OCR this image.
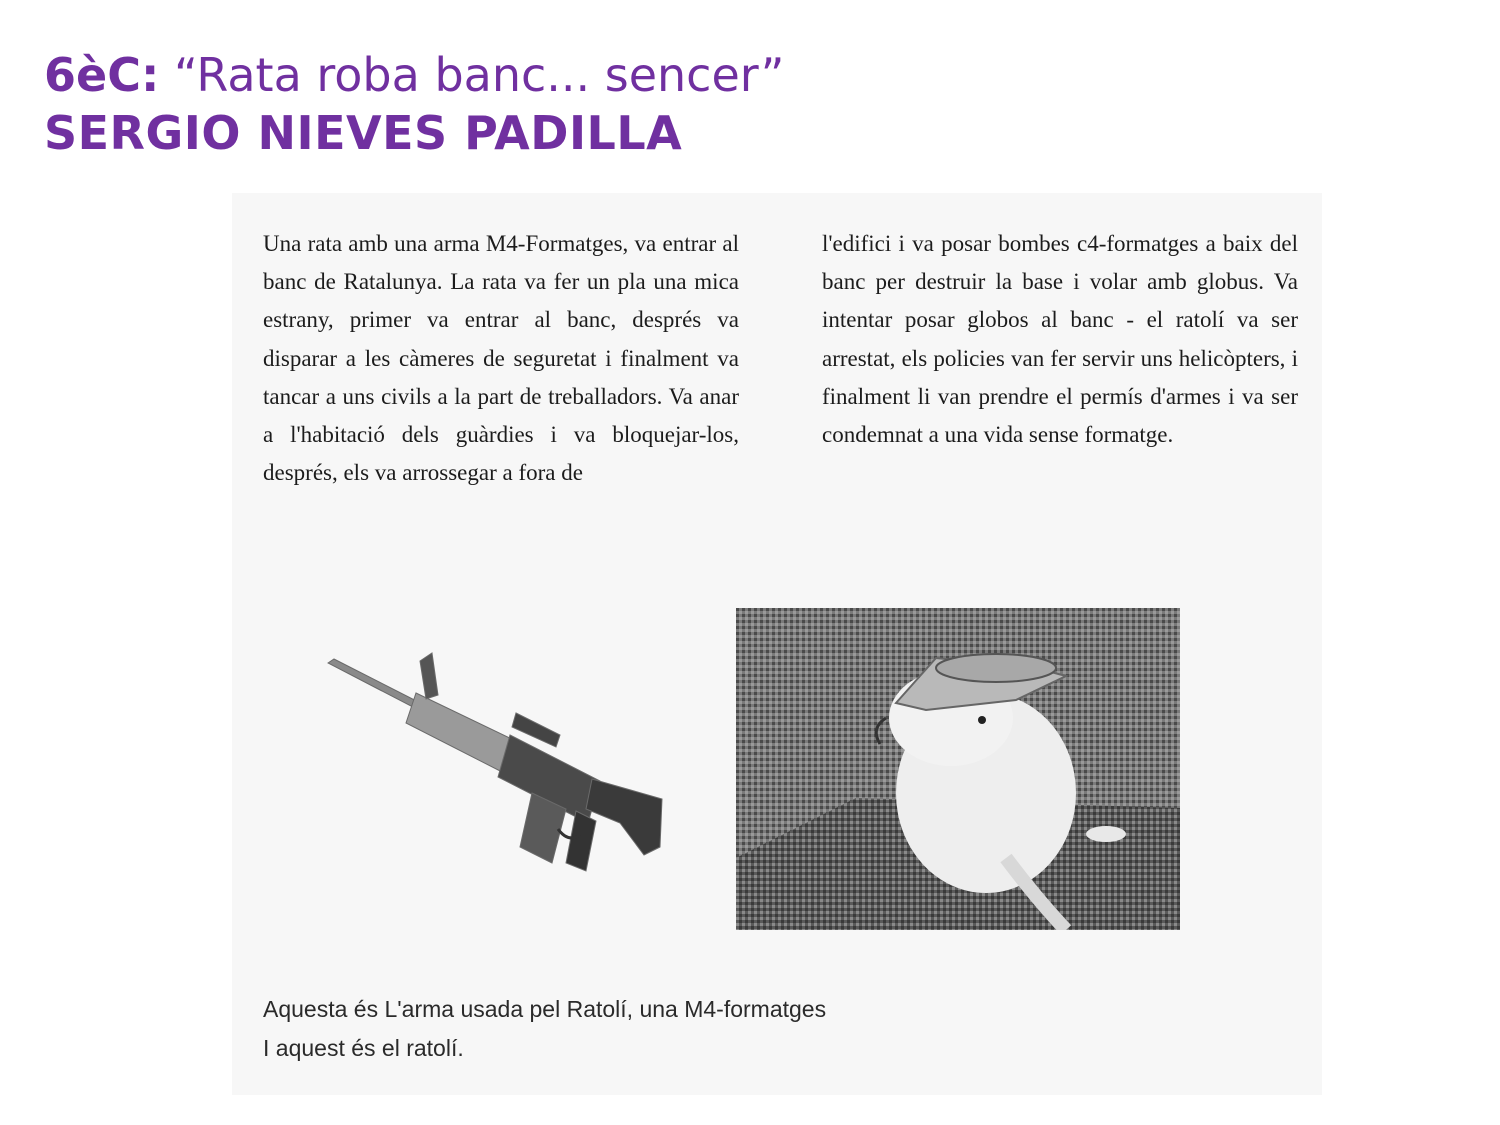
6èC: “Rata roba banc... sencer”
SERGIO NIEVES PADILLA
Una rata amb una arma M4-Formatges, va entrar al banc de Ratalunya. La rata va fer un pla una mica estrany, primer va entrar al banc, després va disparar a les càmeres de seguretat i finalment va tancar a uns civils a la part de treballadors. Va anar a l'habitació dels guàrdies i va bloquejar-los, després, els va arrossegar a fora de
l'edifici i va posar bombes c4-formatges a baix del banc per destruir la base i volar amb globus. Va intentar posar globos al banc - el ratolí va ser arrestat, els policies van fer servir uns helicòpters, i finalment li van prendre el permís d'armes i va ser condemnat a una vida sense formatge.
Aquesta és L'arma usada pel Ratolí, una M4-formatges
I aquest és el ratolí.
